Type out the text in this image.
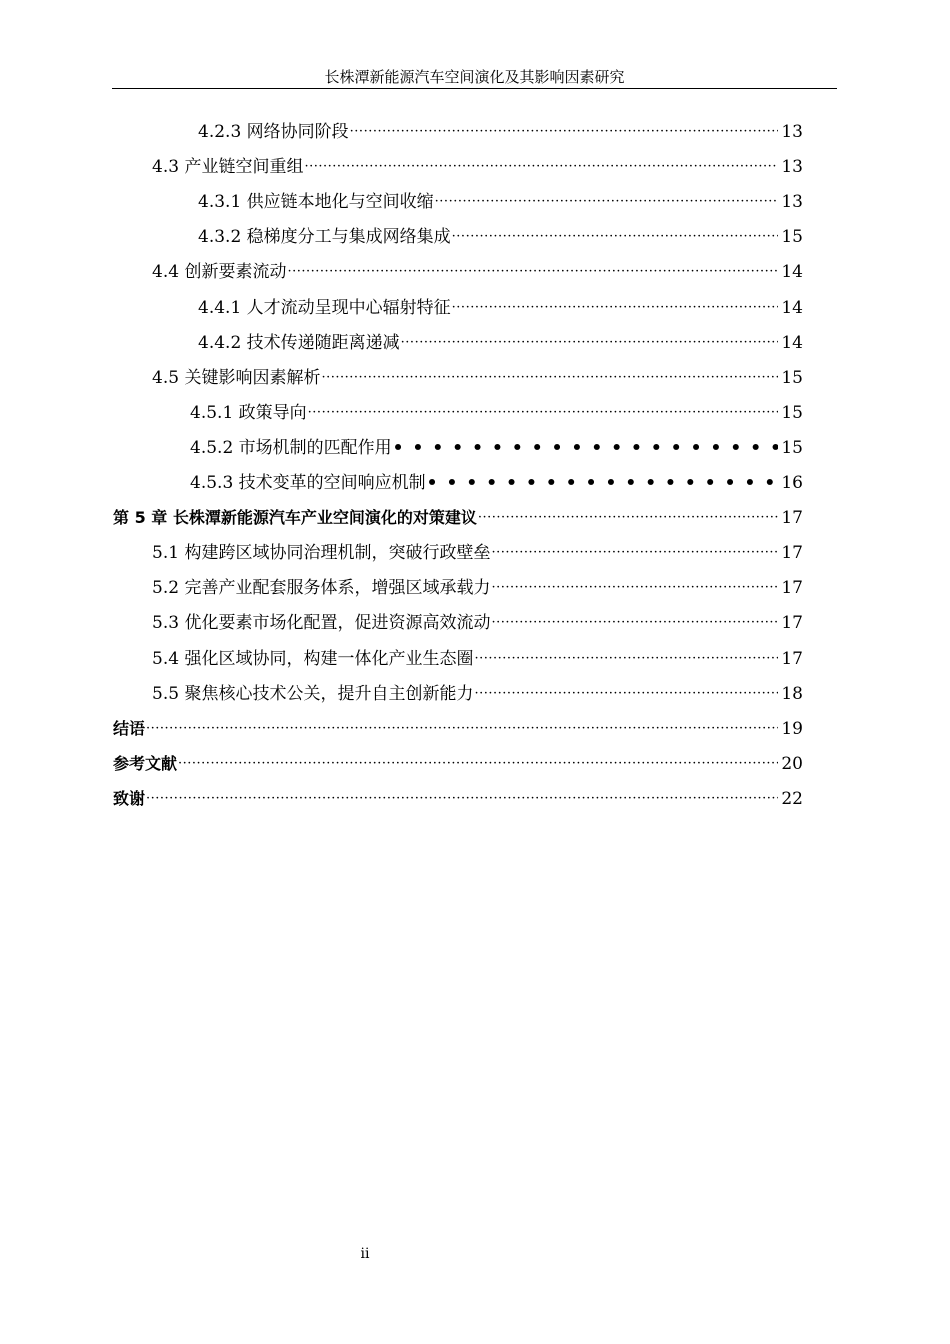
长株潭新能源汽车空间演化及其影响因素研究
4.2.3 网络协同阶段 ·····	13
4.3 产业链空间重组 ·····	13
4.3.1 供应链本地化与空间收缩 ·····	13
4.3.2 稳梯度分工与集成网络集成 ·····	15
4.4 创新要素流动 ·····	14
4.4.1 人才流动呈现中心辐射特征 ·····	14
4.4.2 技术传递随距离递减 ·····	14
4.5 关键影响因素解析 ·····	15
4.5.1 政策导向 ·····	15
4.5.2 市场机制的匹配作用 •••••	15
4.5.3 技术变革的空间响应机制 •••••	16
第 5 章 长株潭新能源汽车产业空间演化的对策建议 ·····	17
5.1 构建跨区域协同治理机制，突破行政壁垒 ·····	17
5.2 完善产业配套服务体系，增强区域承载力 ·····	17
5.3 优化要素市场化配置，促进资源高效流动 ·····	17
5.4 强化区域协同，构建一体化产业生态圈 ·····	17
5.5 聚焦核心技术公关，提升自主创新能力 ·····	18
结语 ·····	19
参考文献 ·····	20
致谢 ·····	22
ii
